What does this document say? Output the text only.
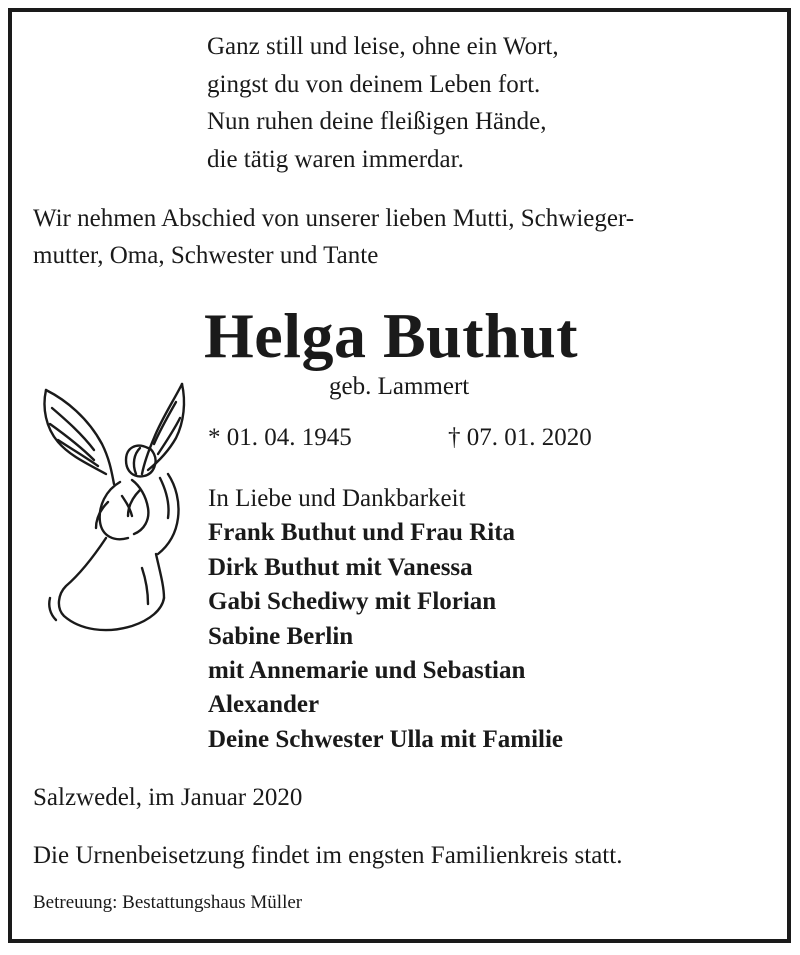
Ganz still und leise, ohne ein Wort,
gingst du von deinem Leben fort.
Nun ruhen deine fleißigen Hände,
die tätig waren immerdar.
Wir nehmen Abschied von unserer lieben Mutti, Schwieger-
mutter, Oma, Schwester und Tante
Helga Buthut
geb. Lammert
* 01. 04. 1945	† 07. 01. 2020
In Liebe und Dankbarkeit
Frank Buthut und Frau Rita
Dirk Buthut mit Vanessa
Gabi Schediwy mit Florian
Sabine Berlin
mit Annemarie und Sebastian
Alexander
Deine Schwester Ulla mit Familie
Salzwedel, im Januar 2020
Die Urnenbeisetzung findet im engsten Familienkreis statt.
Betreuung: Bestattungshaus Müller
